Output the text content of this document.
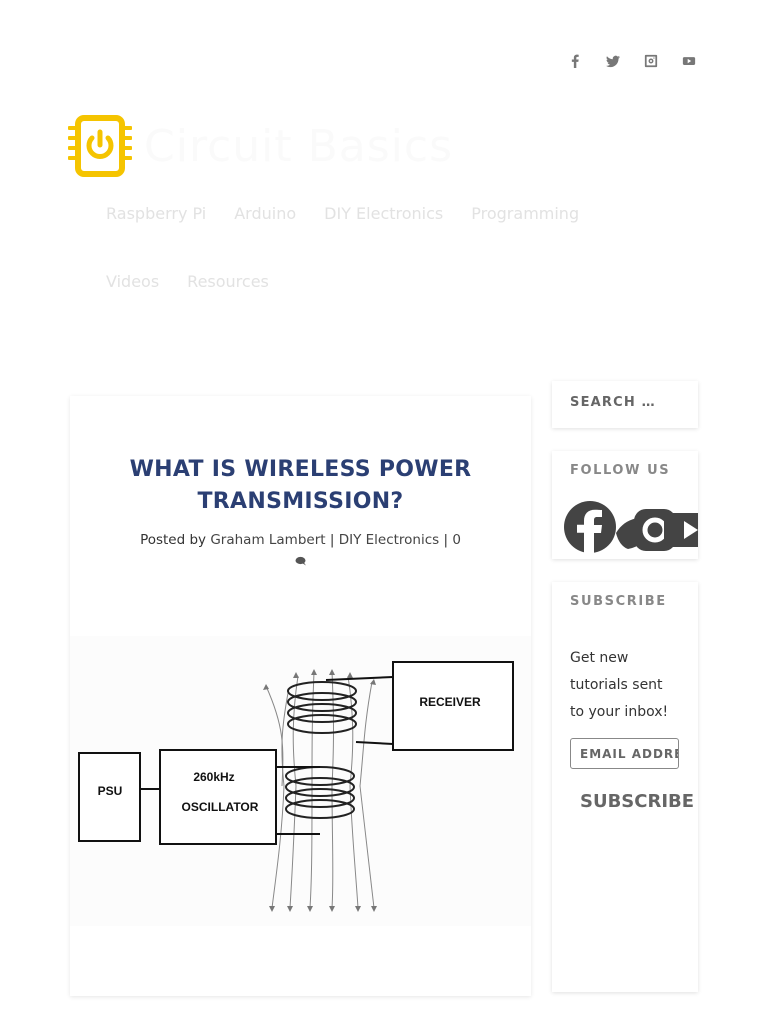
Circuit Basics
Raspberry Pi Arduino DIY Electronics Programming
Videos Resources
WHAT IS WIRELESS POWER TRANSMISSION?
Posted by Graham Lambert | DIY Electronics | 0
PSU
260kHz
OSCILLATOR
RECEIVER
SEARCH …
FOLLOW US
SUBSCRIBE

Get new tutorials sent to your inbox!

EMAIL ADDRESS
SUBSCRIBE
